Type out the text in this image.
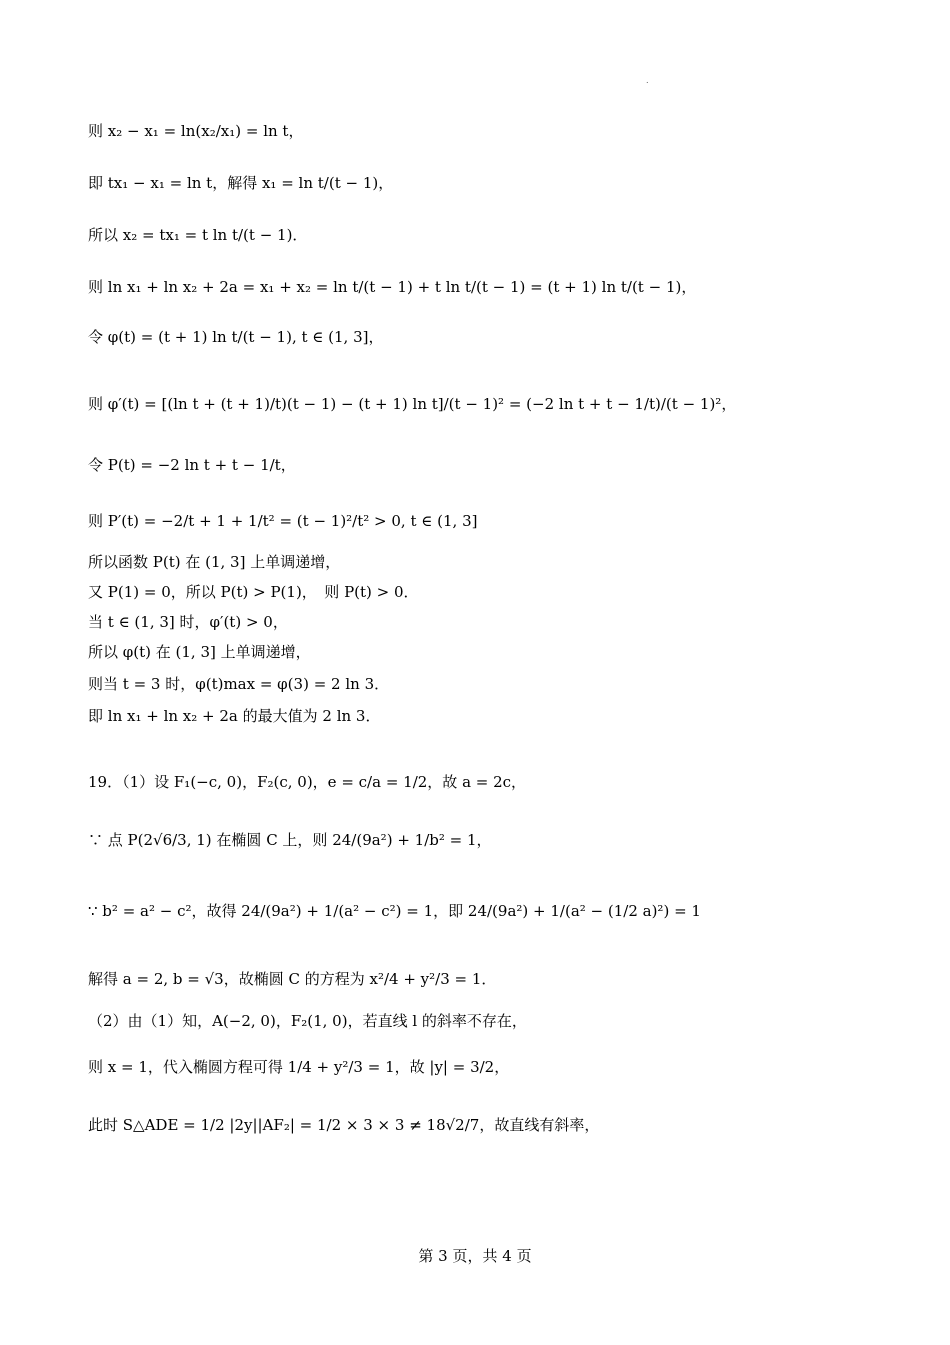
.
则 x₂ − x₁ = ln(x₂/x₁) = ln t，
即 tx₁ − x₁ = ln t，解得 x₁ = ln t/(t − 1)，
所以 x₂ = tx₁ = t ln t/(t − 1)．
则 ln x₁ + ln x₂ + 2a = x₁ + x₂ = ln t/(t − 1) + t ln t/(t − 1) = (t + 1) ln t/(t − 1)，
令 φ(t) = (t + 1) ln t/(t − 1), t ∈ (1, 3]，
则 φ′(t) = [(ln t + (t + 1)/t)(t − 1) − (t + 1) ln t]/(t − 1)² = (−2 ln t + t − 1/t)/(t − 1)²，
令 P(t) = −2 ln t + t − 1/t，
则 P′(t) = −2/t + 1 + 1/t² = (t − 1)²/t² > 0, t ∈ (1, 3]
所以函数 P(t) 在 (1, 3] 上单调递增，
又 P(1) = 0，所以 P(t) > P(1)，　则 P(t) > 0．
当 t ∈ (1, 3] 时，φ′(t) > 0，
所以 φ(t) 在 (1, 3] 上单调递增，
则当 t = 3 时，φ(t)max = φ(3) = 2 ln 3．
即 ln x₁ + ln x₂ + 2a 的最大值为 2 ln 3．
19．（1）设 F₁(−c, 0)，F₂(c, 0)，e = c/a = 1/2，故 a = 2c，
∵ 点 P(2√6/3, 1) 在椭圆 C 上，则 24/(9a²) + 1/b² = 1，
∵ b² = a² − c²，故得 24/(9a²) + 1/(a² − c²) = 1，即 24/(9a²) + 1/(a² − (1/2 a)²) = 1
解得 a = 2, b = √3，故椭圆 C 的方程为 x²/4 + y²/3 = 1．
（2）由（1）知，A(−2, 0)，F₂(1, 0)，若直线 l 的斜率不存在，
则 x = 1，代入椭圆方程可得 1/4 + y²/3 = 1，故 |y| = 3/2，
此时 S△ADE = 1/2 |2y||AF₂| = 1/2 × 3 × 3 ≠ 18√2/7，故直线有斜率，
第 3 页，共 4 页
